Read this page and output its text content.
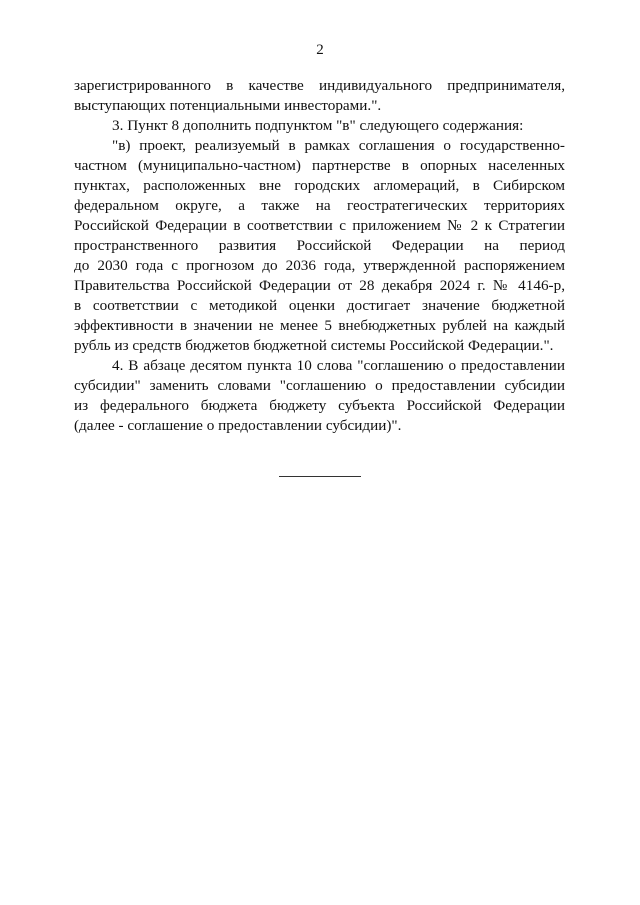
2
зарегистрированного в качестве индивидуального предпринимателя,
выступающих потенциальными инвесторами.".
3. Пункт 8 дополнить подпунктом "в" следующего содержания:
"в) проект, реализуемый в рамках соглашения о государственно-
частном (муниципально-частном) партнерстве в опорных населенных
пунктах, расположенных вне городских агломераций, в Сибирском
федеральном округе, а также на геостратегических территориях
Российской Федерации в соответствии с приложением № 2 к Стратегии
пространственного развития Российской Федерации на период
до 2030 года с прогнозом до 2036 года, утвержденной распоряжением
Правительства Российской Федерации от 28 декабря 2024 г. № 4146-р,
в соответствии с методикой оценки достигает значение бюджетной
эффективности в значении не менее 5 внебюджетных рублей на каждый
рубль из средств бюджетов бюджетной системы Российской Федерации.".
4. В абзаце десятом пункта 10 слова "соглашению о предоставлении
субсидии" заменить словами "соглашению о предоставлении субсидии
из федерального бюджета бюджету субъекта Российской Федерации
(далее - соглашение о предоставлении субсидии)".
